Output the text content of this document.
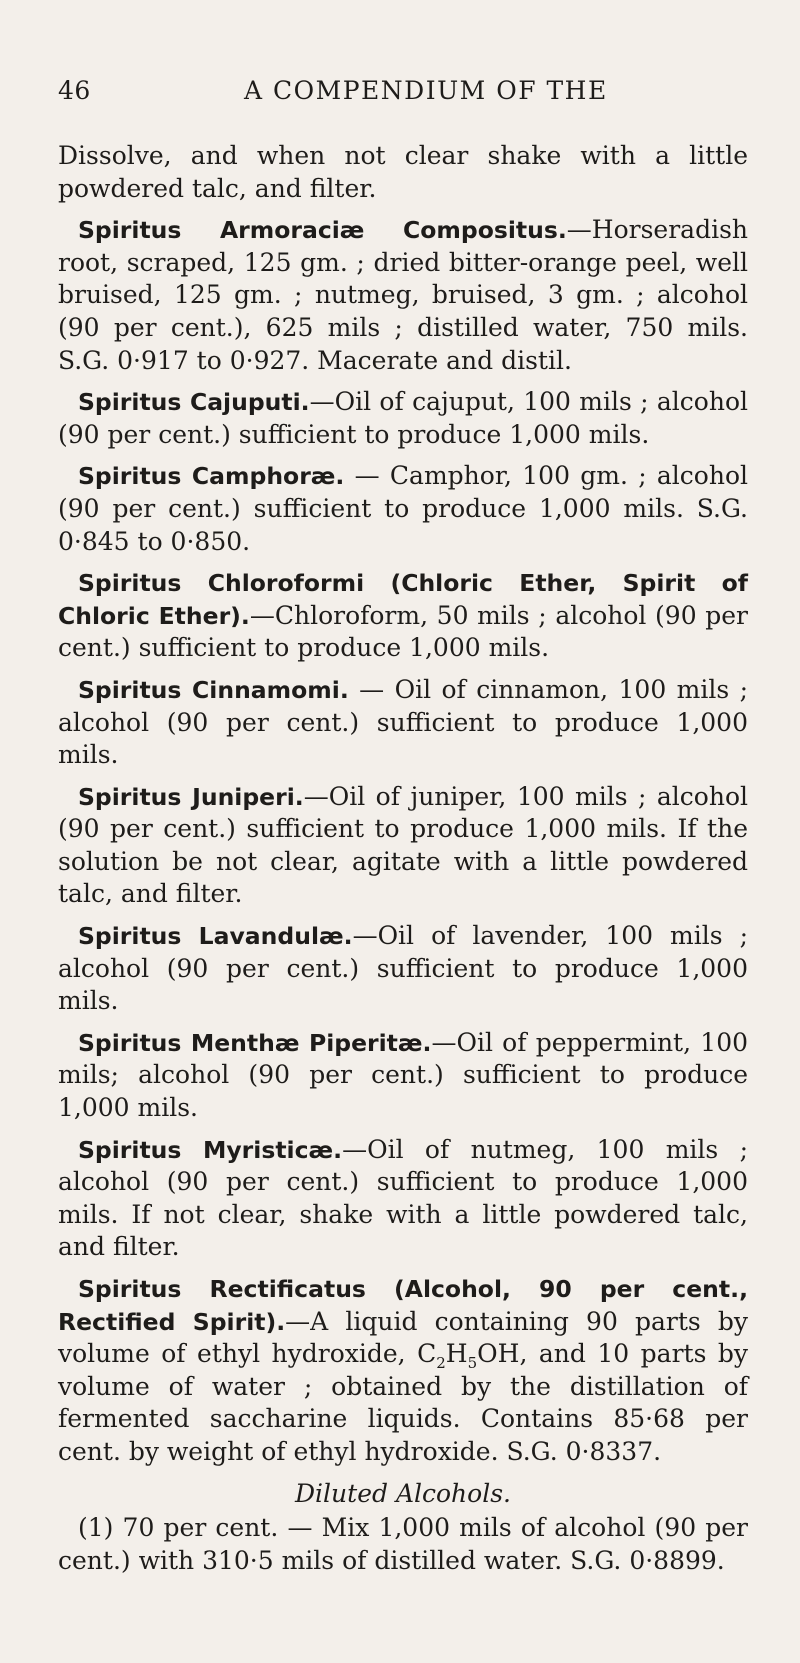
46	A COMPENDIUM OF THE

Dissolve, and when not clear shake with a little powdered talc, and filter.

Spiritus Armoraciæ Compositus.—Horseradish root, scraped, 125 gm. ; dried bitter-orange peel, well bruised, 125 gm. ; nutmeg, bruised, 3 gm. ; alcohol (90 per cent.), 625 mils ; distilled water, 750 mils. S.G. 0·917 to 0·927. Macerate and distil.

Spiritus Cajuputi.—Oil of cajuput, 100 mils ; alcohol (90 per cent.) sufficient to produce 1,000 mils.

Spiritus Camphoræ. — Camphor, 100 gm. ; alcohol (90 per cent.) sufficient to produce 1,000 mils. S.G. 0·845 to 0·850.

Spiritus Chloroformi (Chloric Ether, Spirit of Chloric Ether).—Chloroform, 50 mils ; alcohol (90 per cent.) sufficient to produce 1,000 mils.

Spiritus Cinnamomi. — Oil of cinnamon, 100 mils ; alcohol (90 per cent.) sufficient to produce 1,000 mils.

Spiritus Juniperi.—Oil of juniper, 100 mils ; alcohol (90 per cent.) sufficient to produce 1,000 mils. If the solution be not clear, agitate with a little powdered talc, and filter.

Spiritus Lavandulæ.—Oil of lavender, 100 mils ; alcohol (90 per cent.) sufficient to produce 1,000 mils.

Spiritus Menthæ Piperitæ.—Oil of peppermint, 100 mils; alcohol (90 per cent.) sufficient to produce 1,000 mils.

Spiritus Myristicæ.—Oil of nutmeg, 100 mils ; alcohol (90 per cent.) sufficient to produce 1,000 mils. If not clear, shake with a little powdered talc, and filter.

Spiritus Rectificatus (Alcohol, 90 per cent., Rectified Spirit).—A liquid containing 90 parts by volume of ethyl hydroxide, $C_2H_5OH$, and 10 parts by volume of water ; obtained by the distillation of fermented saccharine liquids. Contains 85·68 per cent. by weight of ethyl hydroxide. S.G. 0·8337.

Diluted Alcohols.

(1) 70 per cent. — Mix 1,000 mils of alcohol (90 per cent.) with 310·5 mils of distilled water. S.G. 0·8899.
